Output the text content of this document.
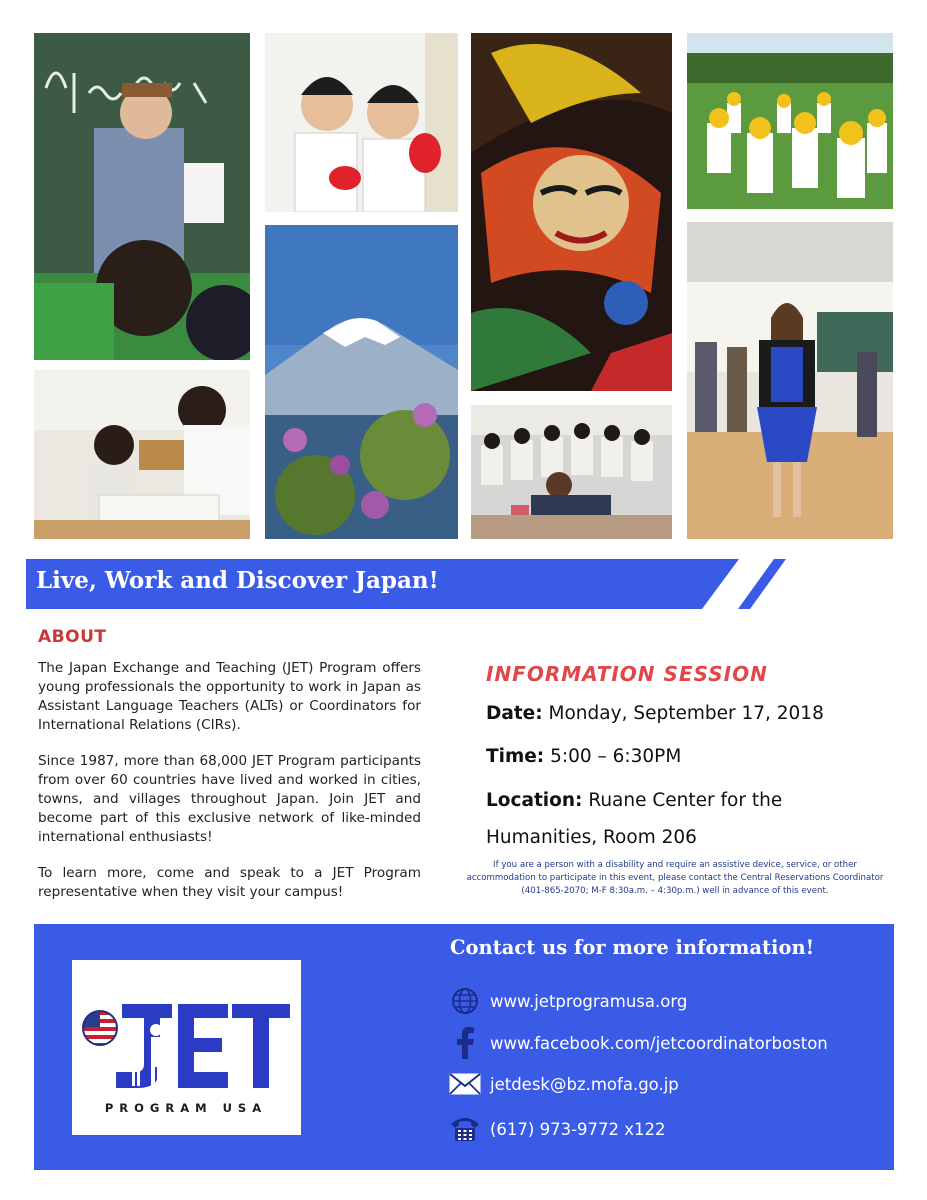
Live, Work and Discover Japan!
ABOUT

The Japan Exchange and Teaching (JET) Program offers young professionals the opportunity to work in Japan as Assistant Language Teachers (ALTs) or Coordinators for International Relations (CIRs).

Since 1987, more than 68,000 JET Program participants from over 60 countries have lived and worked in cities, towns, and villages throughout Japan. Join JET and become part of this exclusive network of like-minded international enthusiasts!

To learn more, come and speak to a JET Program representative when they visit your campus!

INFORMATION SESSION
Date: Monday, September 17, 2018
Time: 5:00 – 6:30PM
Location: Ruane Center for the Humanities, Room 206
If you are a person with a disability and require an assistive device, service, or other accommodation to participate in this event, please contact the Central Reservations Coordinator (401-865-2070; M-F 8:30a.m. – 4:30p.m.) well in advance of this event.
PROGRAM USA
Contact us for more information!
www.jetprogramusa.org
www.facebook.com/jetcoordinatorboston
jetdesk@bz.mofa.go.jp
(617) 973-9772 x122
